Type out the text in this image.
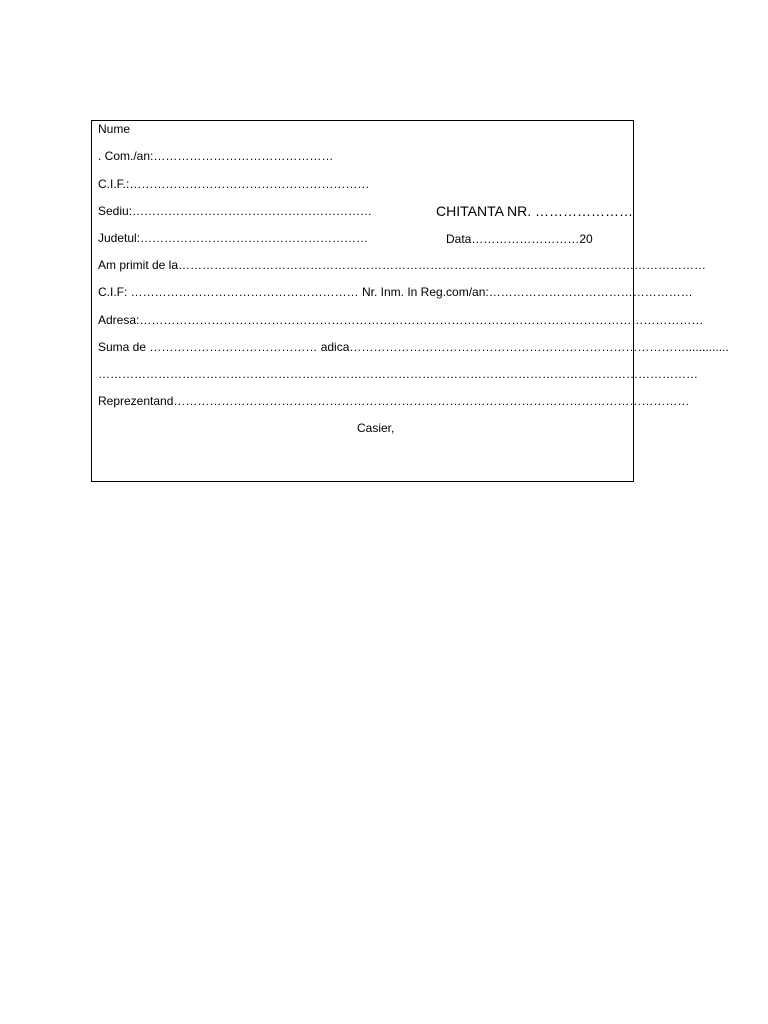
Nume
. Com./an:………………………………………
C.I.F.:……………………………………………………
Sediu:……………………………………………………	CHITANTA NR. …………………
Judetul:…………………………………………………	Data………………………20
Am primit de la……………………………………………………………………………………………………………………
C.I.F: ………………………………………………… Nr. Inm. In Reg.com/an:……………………………………………
Adresa:……………………………………………………………………………………………………………………………
Suma de …………………………………… adica………………………………………………………………………….............
……………………………………………………………………………………………………………………………………
Reprezentand…………………………………………………………………………………………………………………
Casier,
